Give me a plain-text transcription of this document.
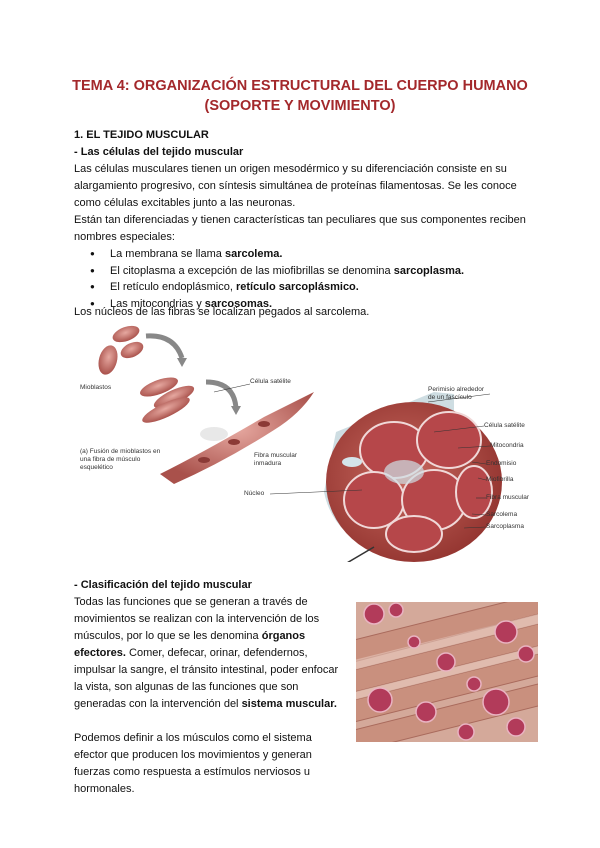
TEMA 4: ORGANIZACIÓN ESTRUCTURAL DEL CUERPO HUMANO
(SOPORTE Y MOVIMIENTO)
1. EL TEJIDO MUSCULAR
- Las células del tejido muscular
Las células musculares tienen un origen mesodérmico y su diferenciación consiste en su
alargamiento progresivo, con síntesis simultánea de proteínas filamentosas. Se les conoce
como células excitables junto a las neuronas.
Están tan diferenciadas y tienen características tan peculiares que sus componentes reciben
nombres especiales:
● La membrana se llama sarcolema.
● El citoplasma a excepción de las miofibrillas se denomina sarcoplasma.
● El retículo endoplásmico, retículo sarcoplásmico.
● Las mitocondrias y sarcosomas.
Los núcleos de las fibras se localizan pegados al sarcolema.
Mioblastos
Célula satélite
(a) Fusión de mioblastos en
una fibra de músculo
esquelético
Fibra muscular
inmadura
Núcleo
Perimisio alrededor
de un fascículo
Célula satélite
Mitocondria
Endomisio
Miofibrilla
Fibra muscular
Sarcolema
Sarcoplasma
- Clasificación del tejido muscular
Todas las funciones que se generan a través de
movimientos se realizan con la intervención de los
músculos, por lo que se les denomina órganos
efectores. Comer, defecar, orinar, defendernos,
impulsar la sangre, el tránsito intestinal, poder enfocar
la vista, son algunas de las funciones que son
generadas con la intervención del sistema muscular.
Podemos definir a los músculos como el sistema
efector que producen los movimientos y generan
fuerzas como respuesta a estímulos nerviosos u
hormonales.
